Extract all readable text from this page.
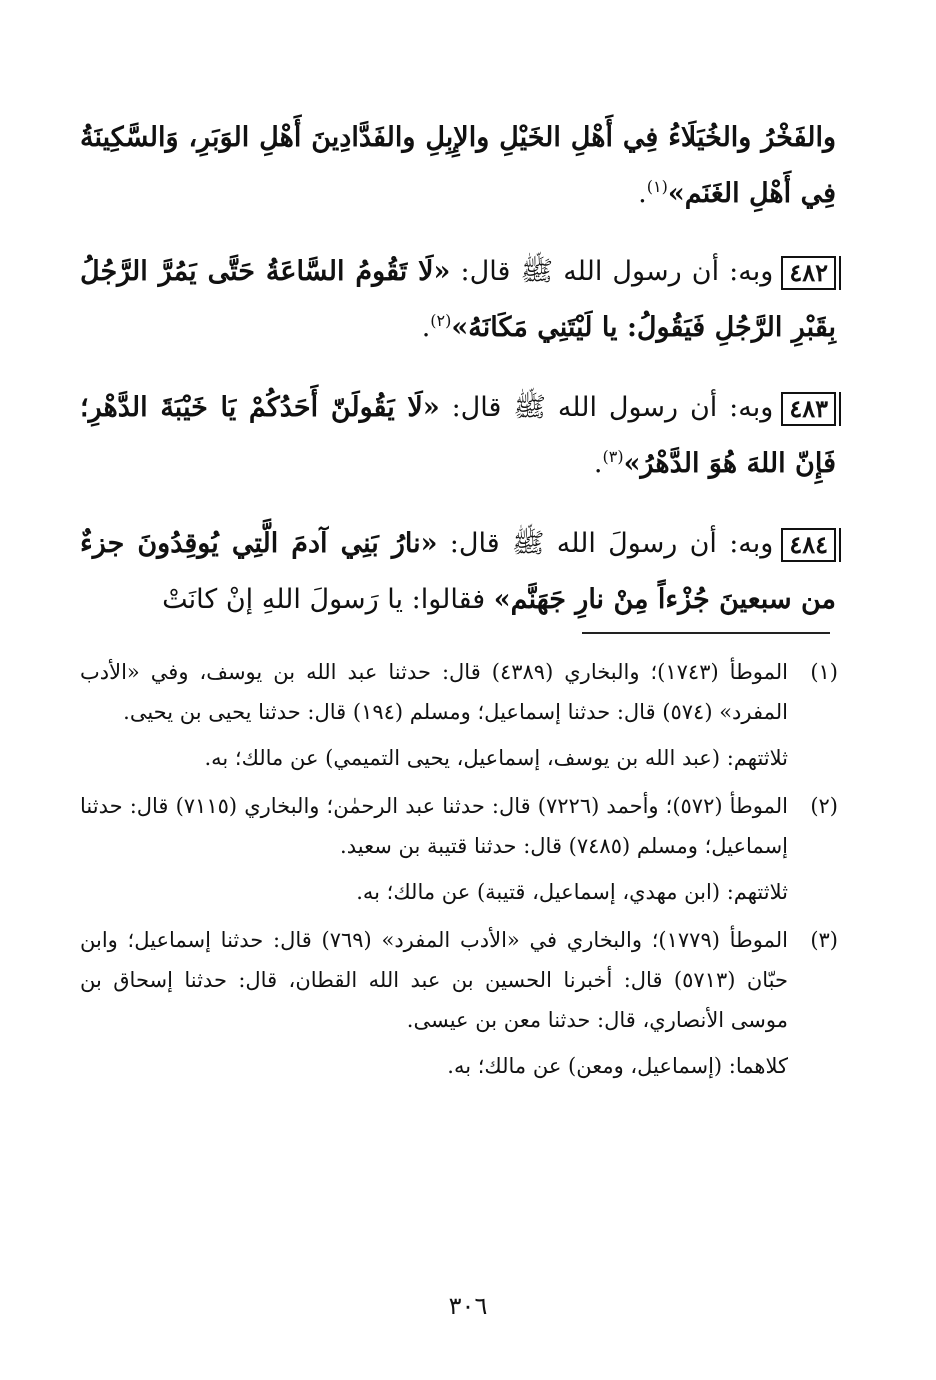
والفَخْرُ والخُيَلَاءُ فِي أَهْلِ الخَيْلِ والإِبِلِ والفَدَّادِينَ أَهْلِ الوَبَرِ، وَالسَّكِينَةُ فِي أَهْلِ الغَنَم»$^{(١)}$.

٤٨٢وبه: أن رسول الله ﷺ قال: «لَا تَقُومُ السَّاعَةُ حَتَّى يَمُرَّ الرَّجُلُ بِقَبْرِ الرَّجُلِ فَيَقُولُ: يا لَيْتَنِي مَكَانَهُ»$^{(٢)}$.

٤٨٣وبه: أن رسول الله ﷺ قال: «لَا يَقُولَنّ أَحَدُكُمْ يَا خَيْبَةَ الدَّهْرِ؛ فَإِنّ اللهَ هُوَ الدَّهْرُ»$^{(٣)}$.

٤٨٤وبه: أن رسولَ الله ﷺ قال: «نارُ بَنِي آدمَ الَّتِي يُوقِدُونَ جزءٌ من سبعينَ جُزْءاً مِنْ نارِ جَهَنَّم» فقالوا: يا رَسولَ اللهِ إنْ كانَتْ

(١)

الموطأ (١٧٤٣)؛ والبخاري (٤٣٨٩) قال: حدثنا عبد الله بن يوسف، وفي «الأدب المفرد» (٥٧٤) قال: حدثنا إسماعيل؛ ومسلم (١٩٤) قال: حدثنا يحيى بن يحيى.

ثلاثتهم: (عبد الله بن يوسف، إسماعيل، يحيى التميمي) عن مالك؛ به.

(٢)

الموطأ (٥٧٢)؛ وأحمد (٧٢٢٦) قال: حدثنا عبد الرحمٰن؛ والبخاري (٧١١٥) قال: حدثنا إسماعيل؛ ومسلم (٧٤٨٥) قال: حدثنا قتيبة بن سعيد.

ثلاثتهم: (ابن مهدي، إسماعيل، قتيبة) عن مالك؛ به.

(٣)

الموطأ (١٧٧٩)؛ والبخاري في «الأدب المفرد» (٧٦٩) قال: حدثنا إسماعيل؛ وابن حبّان (٥٧١٣) قال: أخبرنا الحسين بن عبد الله القطان، قال: حدثنا إسحاق بن موسى الأنصاري، قال: حدثنا معن بن عيسى.

كلاهما: (إسماعيل، ومعن) عن مالك؛ به.

٣٠٦
